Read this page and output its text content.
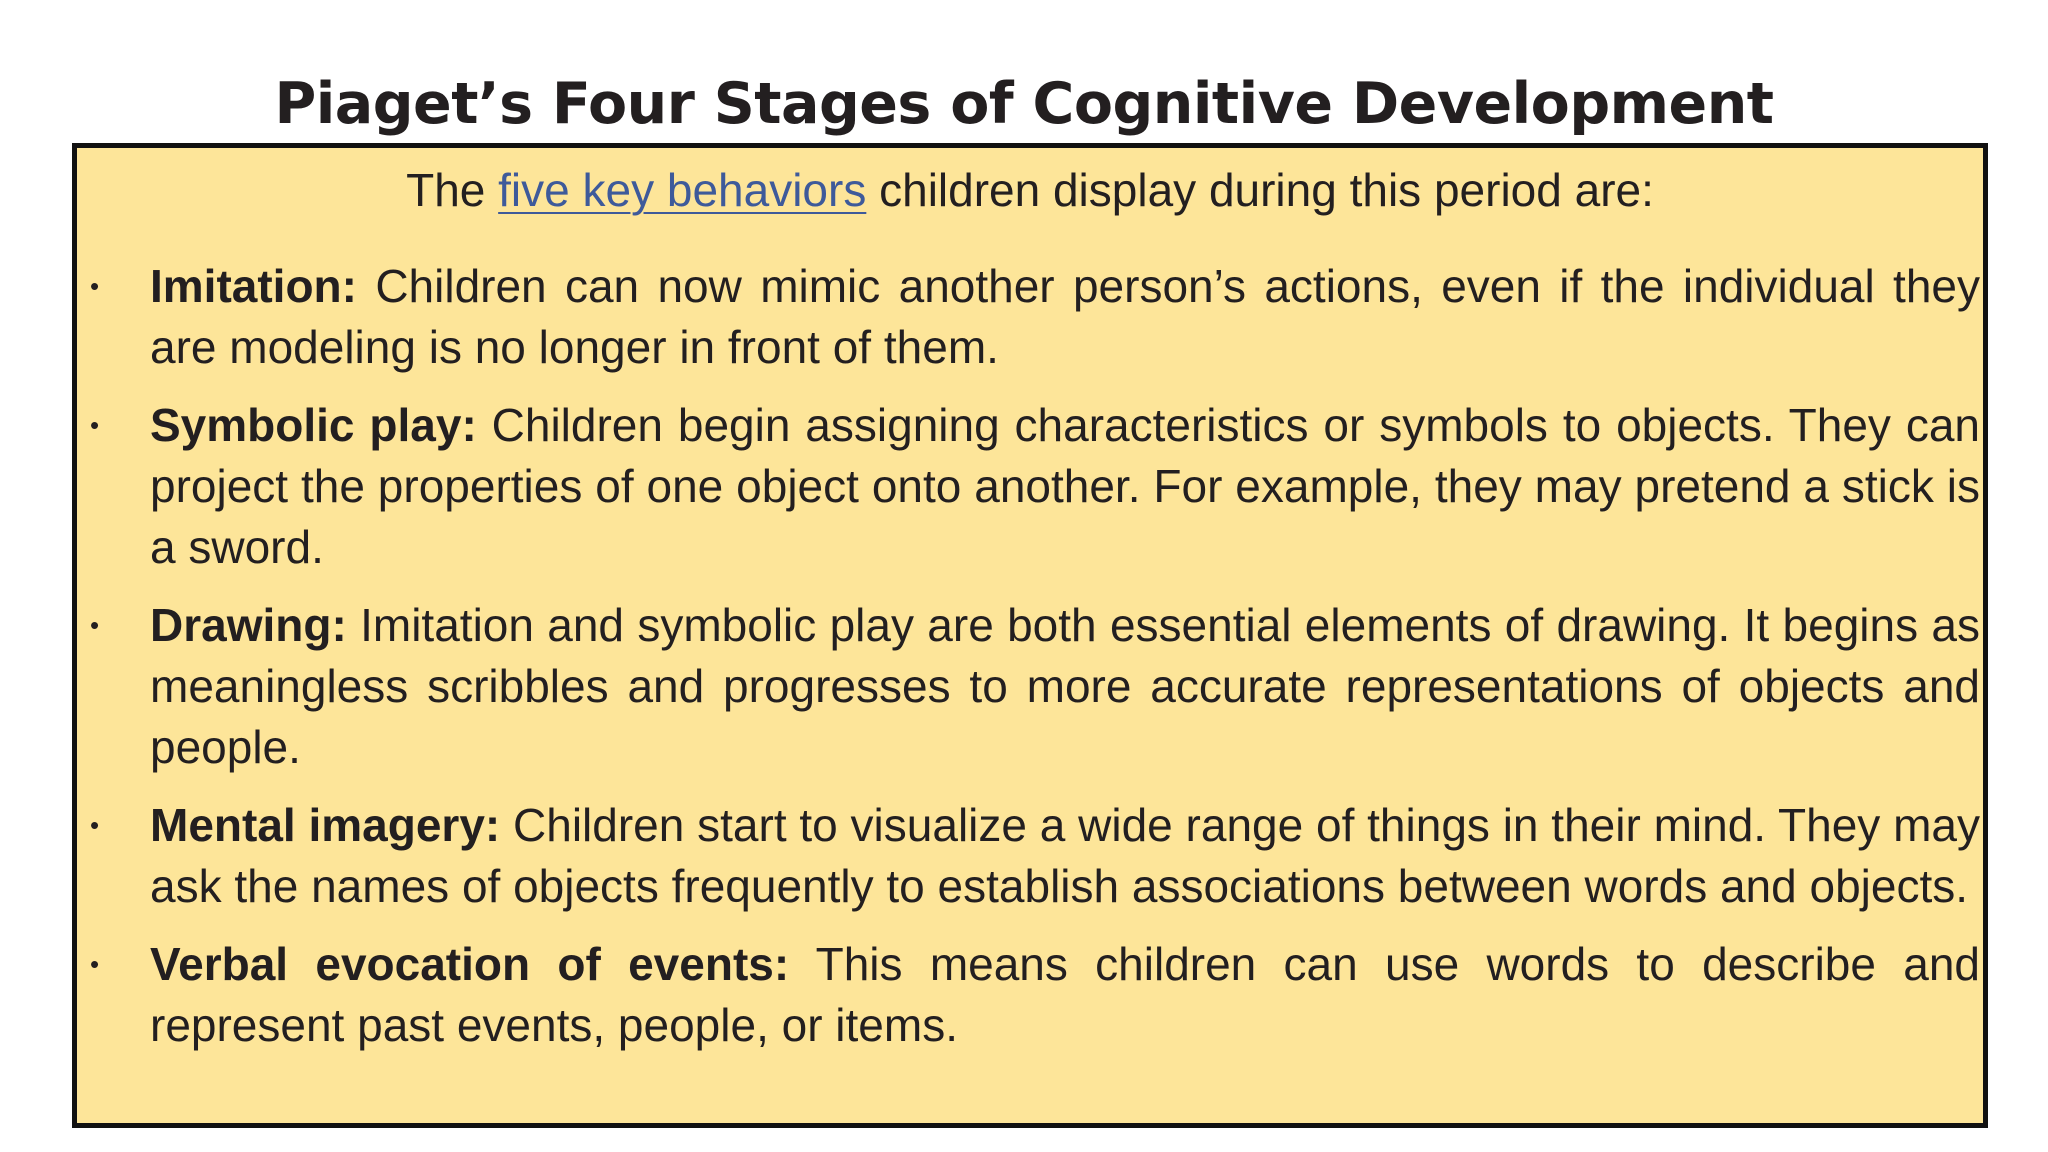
Piaget’s Four Stages of Cognitive Development

The five key behaviors children display during this period are:

• Imitation: Children can now mimic another person’s actions, even if the individual they are modeling is no longer in front of them.
• Symbolic play: Children begin assigning characteristics or symbols to objects. They can project the properties of one object onto another. For example, they may pretend a stick is a sword.
• Drawing: Imitation and symbolic play are both essential elements of drawing. It begins as meaningless scribbles and progresses to more accurate representations of objects and people.
• Mental imagery: Children start to visualize a wide range of things in their mind. They may ask the names of objects frequently to establish associations between words and objects.
• Verbal evocation of events: This means children can use words to describe and represent past events, people, or items.
